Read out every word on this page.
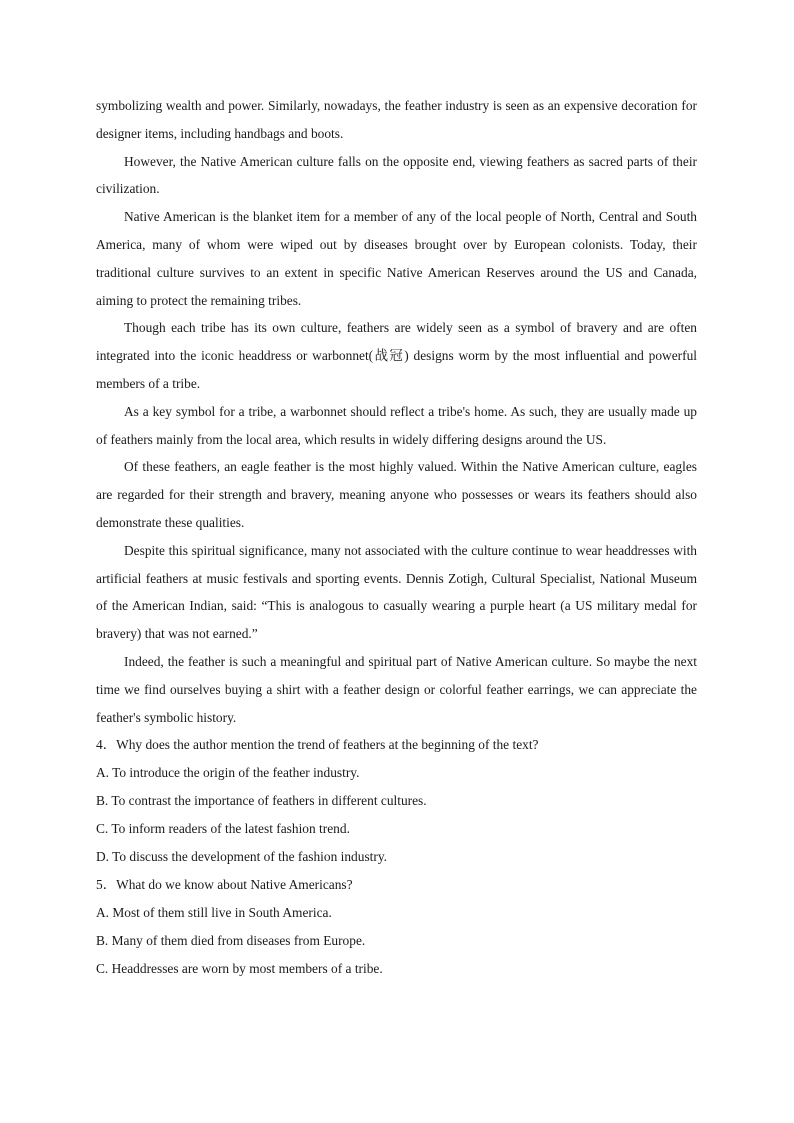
symbolizing wealth and power. Similarly, nowadays, the feather industry is seen as an expensive decoration for designer items, including handbags and boots.

However, the Native American culture falls on the opposite end, viewing feathers as sacred parts of their civilization.

Native American is the blanket item for a member of any of the local people of North, Central and South America, many of whom were wiped out by diseases brought over by European colonists. Today, their traditional culture survives to an extent in specific Native American Reserves around the US and Canada, aiming to protect the remaining tribes.

Though each tribe has its own culture, feathers are widely seen as a symbol of bravery and are often integrated into the iconic headdress or warbonnet(战冠) designs worm by the most influential and powerful members of a tribe.

As a key symbol for a tribe, a warbonnet should reflect a tribe's home. As such, they are usually made up of feathers mainly from the local area, which results in widely differing designs around the US.

Of these feathers, an eagle feather is the most highly valued. Within the Native American culture, eagles are regarded for their strength and bravery, meaning anyone who possesses or wears its feathers should also demonstrate these qualities.

Despite this spiritual significance, many not associated with the culture continue to wear headdresses with artificial feathers at music festivals and sporting events. Dennis Zotigh, Cultural Specialist, National Museum of the American Indian, said: “This is analogous to casually wearing a purple heart (a US military medal for bravery) that was not earned.”

Indeed, the feather is such a meaningful and spiritual part of Native American culture. So maybe the next time we find ourselves buying a shirt with a feather design or colorful feather earrings, we can appreciate the feather's symbolic history.

4．Why does the author mention the trend of feathers at the beginning of the text?

A. To introduce the origin of the feather industry.

B. To contrast the importance of feathers in different cultures.

C. To inform readers of the latest fashion trend.

D. To discuss the development of the fashion industry.

5．What do we know about Native Americans?

A. Most of them still live in South America.

B. Many of them died from diseases from Europe.

C. Headdresses are worn by most members of a tribe.
